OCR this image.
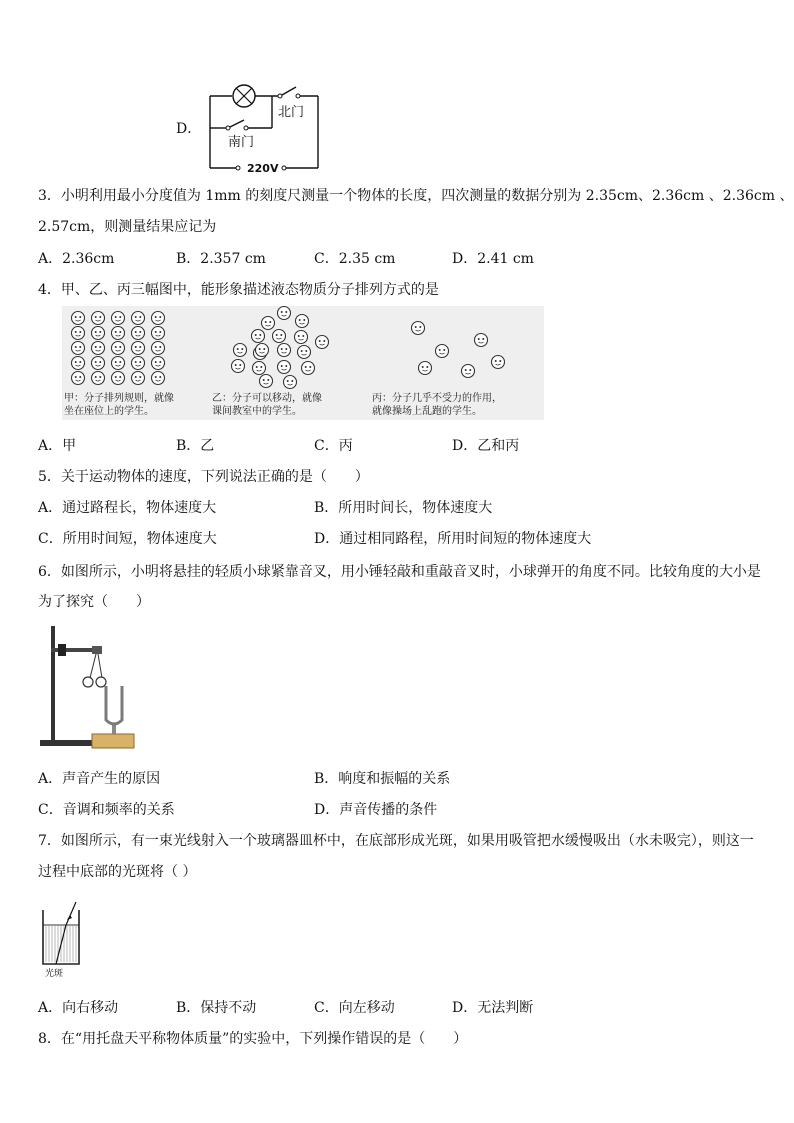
D．
北门
南门
220V
3．小明利用最小分度值为 1mm 的刻度尺测量一个物体的长度，四次测量的数据分别为 2.35cm、2.36cm 、2.36cm 、
2.57cm，则测量结果应记为
A．2.36cm	B．2.357 cm	C．2.35 cm	D．2.41 cm
4．甲、乙、丙三幅图中，能形象描述液态物质分子排列方式的是
甲：分子排列规则，就像
坐在座位上的学生。
乙：分子可以移动，就像
课间教室中的学生。
丙：分子几乎不受力的作用，
就像操场上乱跑的学生。
A．甲	B．乙	C．丙	D．乙和丙
5．关于运动物体的速度，下列说法正确的是（　　）
A．通过路程长，物体速度大	B．所用时间长，物体速度大
C．所用时间短，物体速度大	D．通过相同路程，所用时间短的物体速度大
6．如图所示，小明将悬挂的轻质小球紧靠音叉，用小锤轻敲和重敲音叉时，小球弹开的角度不同。比较角度的大小是
为了探究（　　）
A．声音产生的原因	B．响度和振幅的关系
C．音调和频率的关系	D．声音传播的条件
7．如图所示，有一束光线射入一个玻璃器皿杯中，在底部形成光斑，如果用吸管把水缓慢吸出（水未吸完），则这一
过程中底部的光斑将（ ）
光斑
A．向右移动	B．保持不动	C．向左移动	D．无法判断
8．在“用托盘天平称物体质量”的实验中，下列操作错误的是（　　）
